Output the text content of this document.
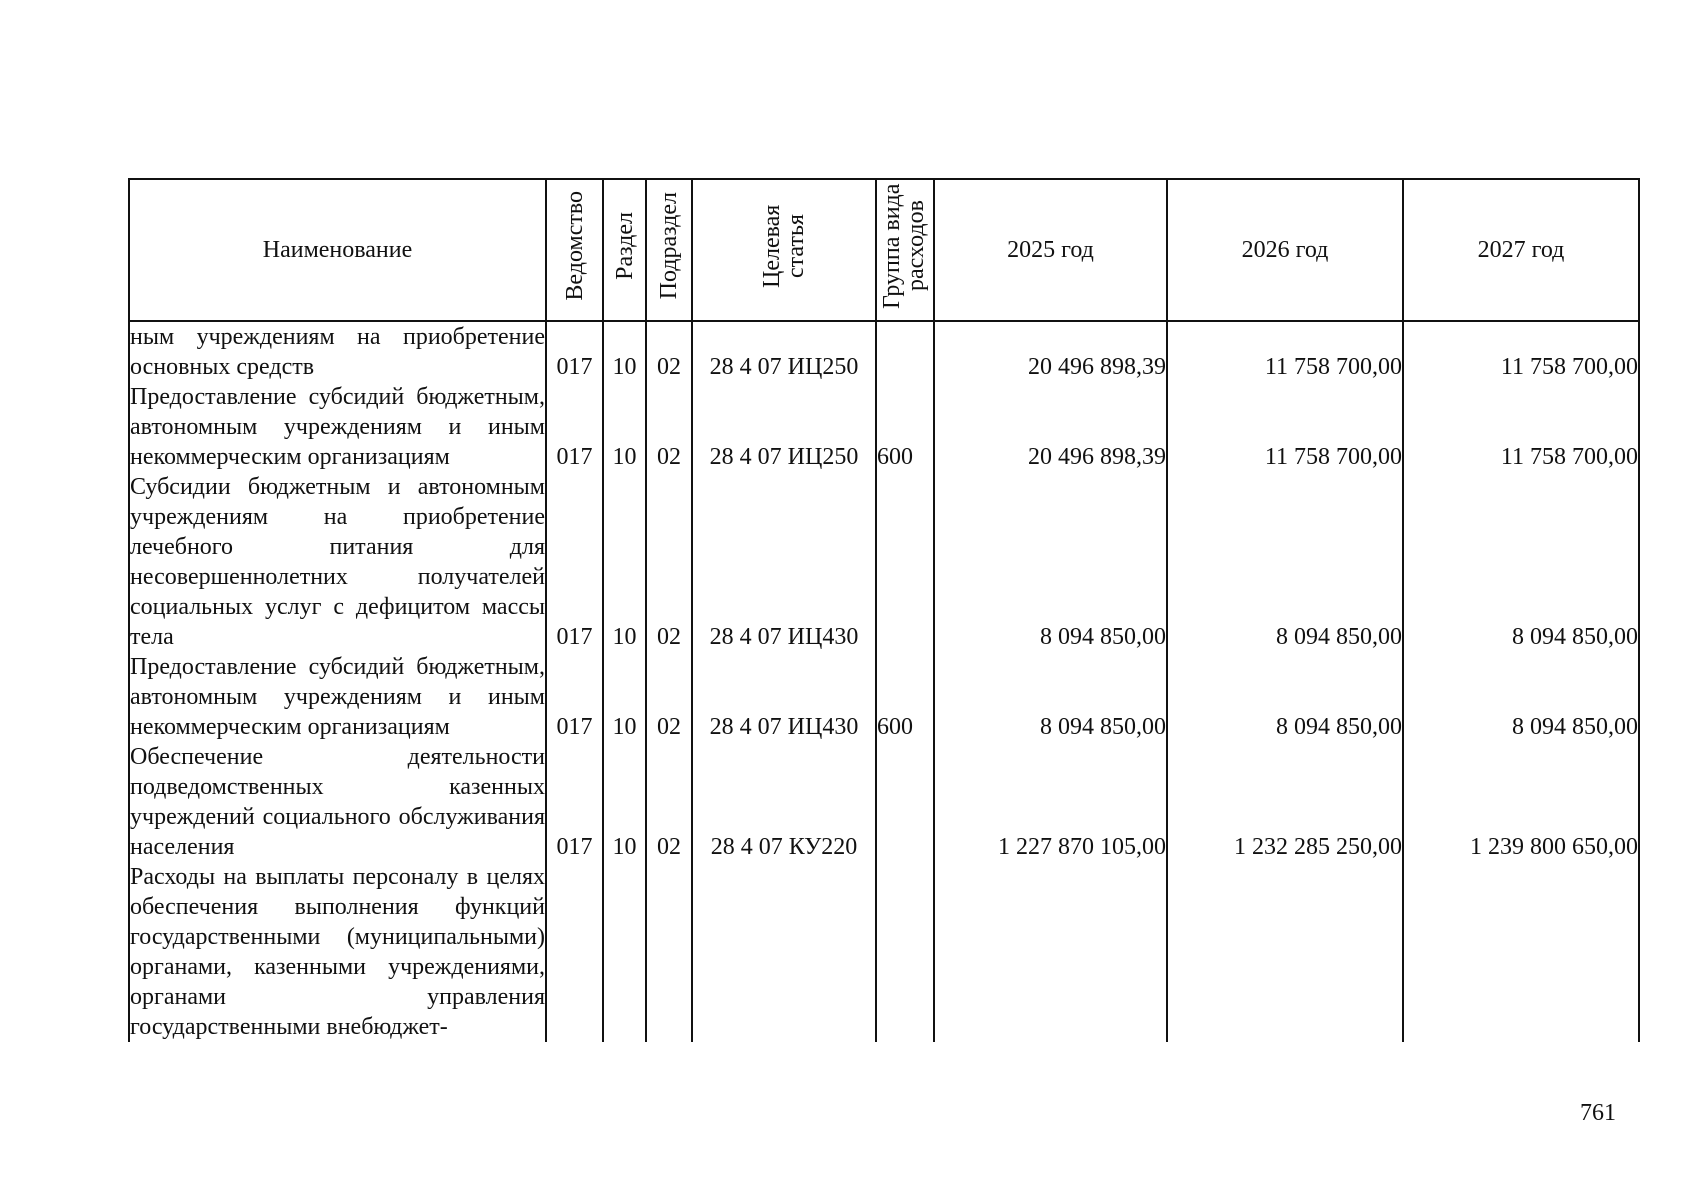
Наименование	Ведомство	Раздел	Подраздел	Целевая статья	Группа вида расходов	2025 год	2026 год	2027 год
ным учреждениям на приобретение основных средств	017	10	02	28 4 07 ИЦ250		20 496 898,39	11 758 700,00	11 758 700,00
Предоставление субсидий бюджетным, автономным учреждениям и иным некоммерческим организациям	017	10	02	28 4 07 ИЦ250	600	20 496 898,39	11 758 700,00	11 758 700,00
Субсидии бюджетным и автономным учреждениям на приобретение лечебного питания для несовершеннолетних получателей социальных услуг с дефицитом массы тела	017	10	02	28 4 07 ИЦ430		8 094 850,00	8 094 850,00	8 094 850,00
Предоставление субсидий бюджетным, автономным учреждениям и иным некоммерческим организациям	017	10	02	28 4 07 ИЦ430	600	8 094 850,00	8 094 850,00	8 094 850,00
Обеспечение деятельности подведомственных казенных учреждений социального обслуживания населения	017	10	02	28 4 07 КУ220		1 227 870 105,00	1 232 285 250,00	1 239 800 650,00
Расходы на выплаты персоналу в целях обеспечения выполнения функций государственными (муниципальными) органами, казенными учреждениями, органами управления государственными внебюджет-								
761
